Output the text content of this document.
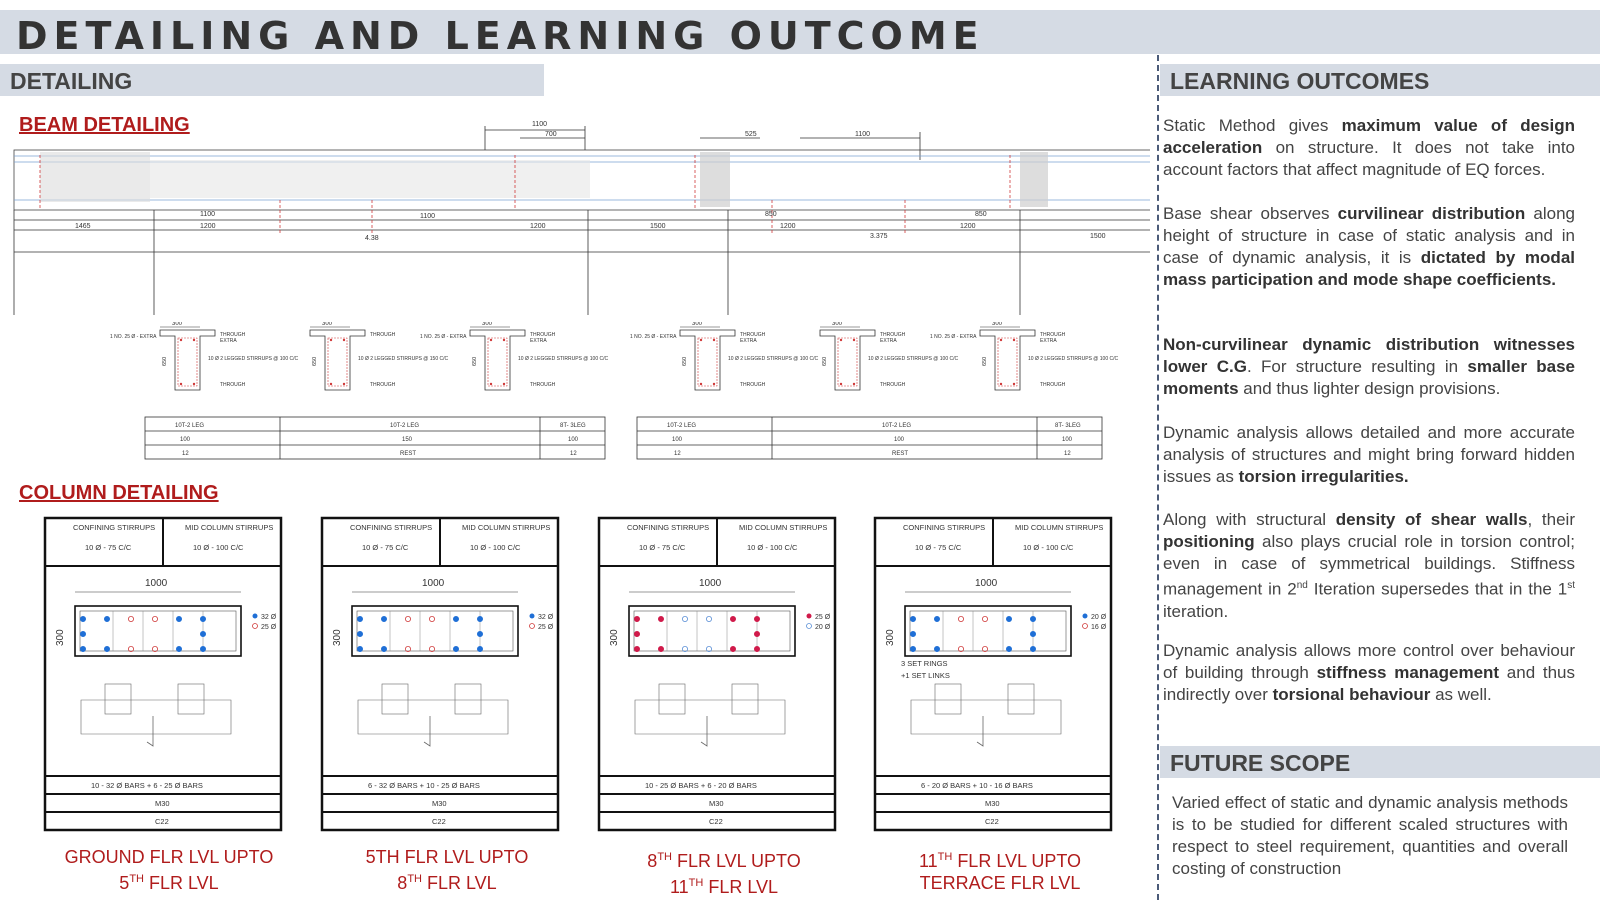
DETAILING AND LEARNING OUTCOME
DETAILING
BEAM DETAILING
COLUMN DETAILING
1100
700	525	1100
1100
1200
1100
1200
850
1200
850
1465	1500
4.38	3.375	1500
1200
300
650
THROUGH
EXTRA
10 Ø 2 LEGGED STIRRUPS @ 100 C/C
THROUGH
1 NO. 25 Ø - EXTRA
300
650
THROUGH
10 Ø 2 LEGGED STIRRUPS @ 150 C/C
THROUGH
300
650
THROUGH
EXTRA
10 Ø 2 LEGGED STIRRUPS @ 100 C/C
THROUGH
1 NO. 25 Ø - EXTRA
300
650
THROUGH
EXTRA
10 Ø 2 LEGGED STIRRUPS @ 100 C/C
THROUGH
1 NO. 25 Ø - EXTRA
300
650
THROUGH
EXTRA
10 Ø 2 LEGGED STIRRUPS @ 100 C/C
THROUGH
300
650
THROUGH
EXTRA
10 Ø 2 LEGGED STIRRUPS @ 100 C/C
THROUGH
1 NO. 25 Ø - EXTRA
10T-2 LEG	10T-2 LEG	8T- 3LEG
100	150	100
12	REST	12
10T-2 LEG	10T-2 LEG	8T- 3LEG
100	100	100
12	REST	12
CONFINING STIRRUPS
10 Ø - 75 C/C
MID COLUMN STIRRUPS
10 Ø - 100 C/C
1000
300
32 Ø
25 Ø
10 - 32 Ø BARS + 6 - 25 Ø BARS
M30
C22
CONFINING STIRRUPS
10 Ø - 75 C/C
MID COLUMN STIRRUPS
10 Ø - 100 C/C
1000
300
32 Ø
25 Ø
6 - 32 Ø BARS + 10 - 25 Ø BARS
M30
C22
CONFINING STIRRUPS
10 Ø - 75 C/C
MID COLUMN STIRRUPS
10 Ø - 100 C/C
1000
300
25 Ø
20 Ø
10 - 25 Ø BARS + 6 - 20 Ø BARS
M30
C22
CONFINING STIRRUPS
10 Ø - 75 C/C
MID COLUMN STIRRUPS
10 Ø - 100 C/C
1000
300
20 Ø
16 Ø
3 SET RINGS
+1 SET LINKS
6 - 20 Ø BARS + 10 - 16 Ø BARS
M30
C22
GROUND FLR LVL UPTO
5TH FLR LVL
5TH FLR LVL UPTO
8TH FLR LVL
8TH FLR LVL UPTO
11TH FLR LVL
11TH FLR LVL UPTO
TERRACE FLR LVL
LEARNING OUTCOMES
Static Method gives maximum value of design acceleration on structure. It does not take into account factors that affect magnitude of EQ forces.
Base shear observes curvilinear distribution along height of structure in case of static analysis and in case of dynamic analysis, it is dictated by modal mass participation and mode shape coefficients.
Non-curvilinear dynamic distribution witnesses lower C.G. For structure resulting in smaller base moments and thus lighter design provisions.
Dynamic analysis allows detailed and more accurate analysis of structures and might bring forward hidden issues as torsion irregularities.
Along with structural density of shear walls, their positioning also plays crucial role in torsion control; even in case of symmetrical buildings. Stiffness management in 2nd Iteration supersedes that in the 1st iteration.
Dynamic analysis allows more control over behaviour of building through stiffness management and thus indirectly over torsional behaviour as well.
FUTURE SCOPE
Varied effect of static and dynamic analysis methods is to be studied for different scaled structures with respect to steel requirement, quantities and overall costing of construction
